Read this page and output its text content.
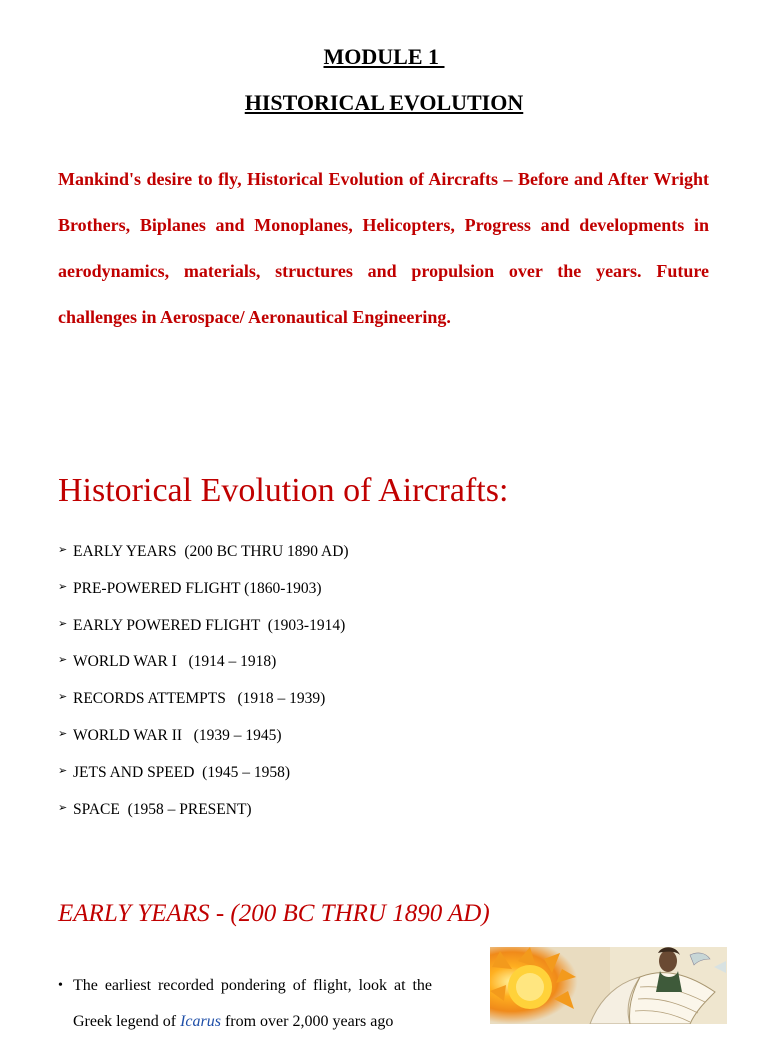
MODULE 1
HISTORICAL EVOLUTION

Mankind's desire to fly, Historical Evolution of Aircrafts – Before and After Wright Brothers, Biplanes and Monoplanes, Helicopters, Progress and developments in aerodynamics, materials, structures and propulsion over the years. Future challenges in Aerospace/ Aeronautical Engineering.

Historical Evolution of Aircrafts:
➢ EARLY YEARS  (200 BC THRU 1890 AD)
➢ PRE-POWERED FLIGHT (1860-1903)
➢ EARLY POWERED FLIGHT  (1903-1914)
➢ WORLD WAR I   (1914 – 1918)
➢ RECORDS ATTEMPTS   (1918 – 1939)
➢ WORLD WAR II   (1939 – 1945)
➢ JETS AND SPEED  (1945 – 1958)
➢ SPACE  (1958 – PRESENT)
EARLY YEARS - (200 BC THRU 1890 AD)
• The earliest recorded pondering of flight, look at the Greek legend of Icarus from over 2,000 years ago
